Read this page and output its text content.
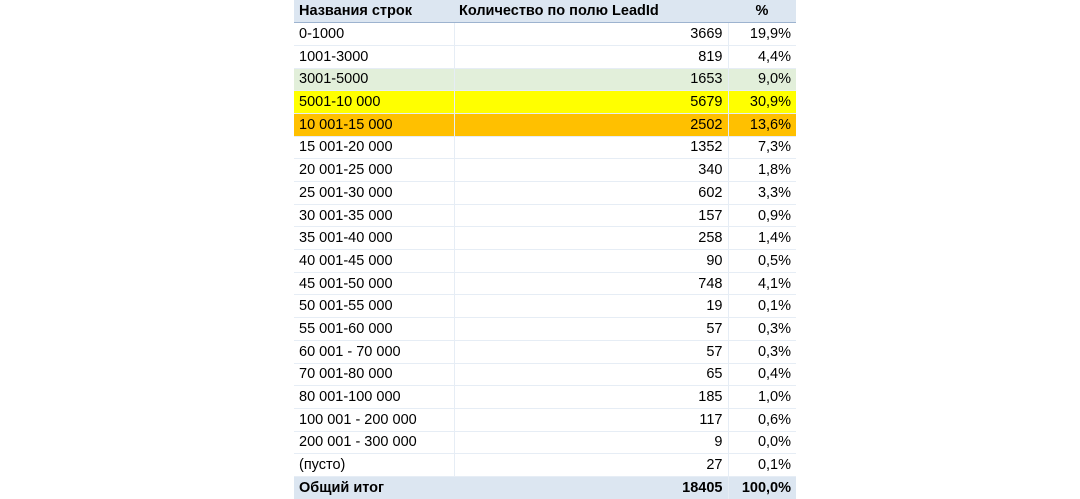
Названия строк	Количество по полю LeadId	%
0-1000	3669	19,9%
1001-3000	819	4,4%
3001-5000	1653	9,0%
5001-10 000	5679	30,9%
10 001-15 000	2502	13,6%
15 001-20 000	1352	7,3%
20 001-25 000	340	1,8%
25 001-30 000	602	3,3%
30 001-35 000	157	0,9%
35 001-40 000	258	1,4%
40 001-45 000	90	0,5%
45 001-50 000	748	4,1%
50 001-55 000	19	0,1%
55 001-60 000	57	0,3%
60 001 - 70 000	57	0,3%
70 001-80 000	65	0,4%
80 001-100 000	185	1,0%
100 001 - 200 000	117	0,6%
200 001 - 300 000	9	0,0%
(пусто)	27	0,1%
Общий итог	18405	100,0%
